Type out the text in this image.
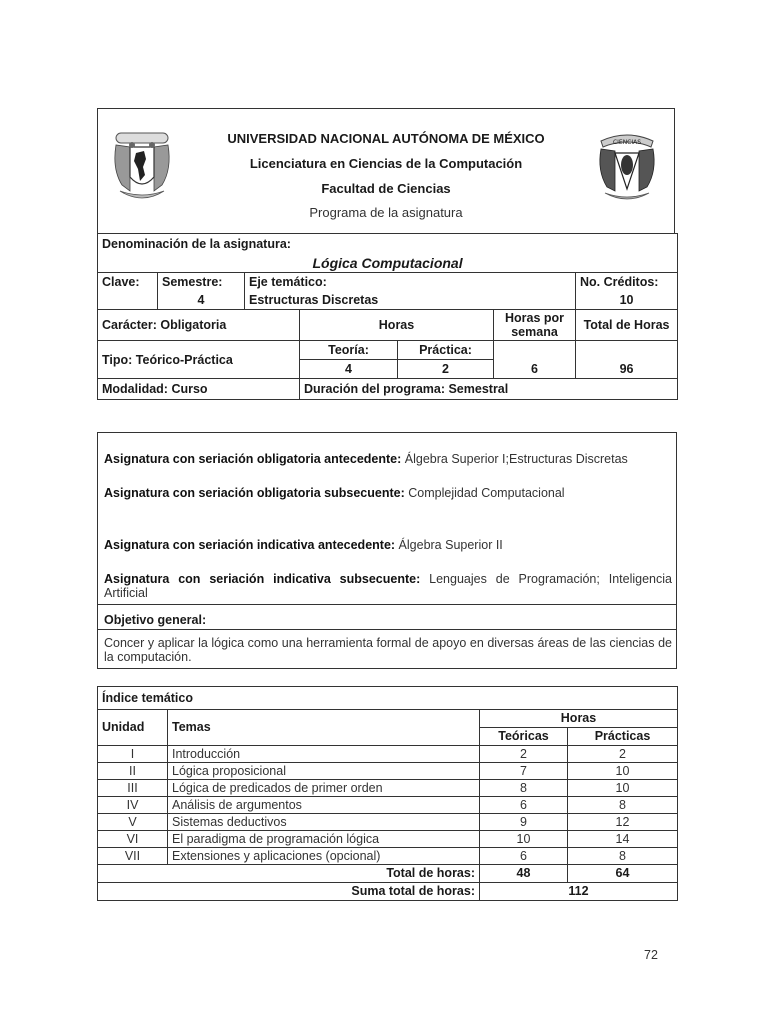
CIENCIAS
UNIVERSIDAD NACIONAL AUTÓNOMA DE MÉXICO
Licenciatura en Ciencias de la Computación
Facultad de Ciencias
Programa de la asignatura
Denominación de la asignatura:						
Lógica Computacional						
Clave:	Semestre:	Eje temático:				No. Créditos:
	4	Estructuras Discretas				10
Carácter: Obligatoria			Horas		Horas por semana	Total de Horas
Tipo: Teórico-Práctica			Teoría:	Práctica:	6	96
			4	2		
Modalidad: Curso			Duración del programa: Semestral			
Asignatura con seriación obligatoria antecedente: Álgebra Superior I;Estructuras Discretas
Asignatura con seriación obligatoria subsecuente: Complejidad Computacional
Asignatura con seriación indicativa antecedente: Álgebra Superior II
Asignatura con seriación indicativa subsecuente: Lenguajes de Programación; Inteligencia Artificial
Objetivo general:
Concer y aplicar la lógica como una herramienta formal de apoyo en diversas áreas de las ciencias de la computación.
Índice temático			
Unidad	Temas	Horas	
		Teóricas	Prácticas
I	Introducción	2	2
II	Lógica proposicional	7	10
III	Lógica de predicados de primer orden	8	10
IV	Análisis de argumentos	6	8
V	Sistemas deductivos	9	12
VI	El paradigma de programación lógica	10	14
VII	Extensiones y aplicaciones (opcional)	6	8
Total de horas:		48	64
Suma total de horas:		112	
72
